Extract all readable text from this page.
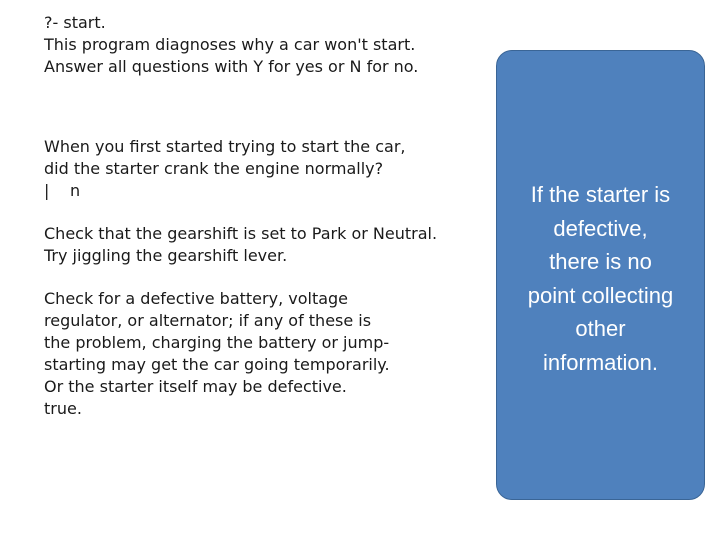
?- start.
This program diagnoses why a car won't start.
Answer all questions with Y for yes or N for no.
When you first started trying to start the car,
did the starter crank the engine normally?
| n
Check that the gearshift is set to Park or Neutral.
Try jiggling the gearshift lever.
Check for a defective battery, voltage
regulator, or alternator; if any of these is
the problem, charging the battery or jump-
starting may get the car going temporarily.
Or the starter itself may be defective.
true.
If the starter is
defective,
there is no
point collecting
other
information.
